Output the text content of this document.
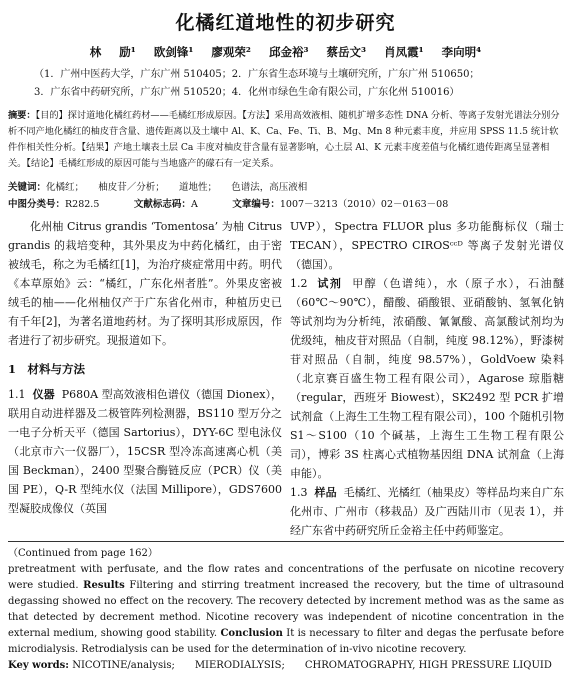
化橘红道地性的初步研究
林 励¹ 欧剑锋¹ 廖观荣² 邱金裕³ 蔡岳文³ 肖凤霞¹ 李向明⁴
（1．广州中医药大学，广东广州 510405；2．广东省生态环境与土壤研究所，广东广州 510650；
3．广东省中药研究所，广东广州 510520；4．化州市绿色生命有限公司，广东化州 510016）
摘要：【目的】探讨道地化橘红药材——毛橘红形成原因。【方法】采用高效液相、随机扩增多态性 DNA 分析、等离子发射光谱法分别分析不同产地化橘红的柚皮苷含量、遗传距离以及土壤中 Al、K、Ca、Fe、Ti、B、Mg、Mn 8 种元素丰度，并应用 SPSS 11.5 统计软件作相关性分析。【结果】产地土壤表土层 Ca 丰度对柚皮苷含量有显著影响，心土层 Al、K 元素丰度差值与化橘红遗传距离呈显著相关。【结论】毛橘红形成的原因可能与当地盛产的礞石有一定关系。
关键词：化橘红；　　柚皮苷／分析；　　道地性；　　色谱法，高压液相
中图分类号：R282.5    	文献标志码：A    	文章编号：1007－3213（2010）02－0163－08

化州柚 Citrus grandis ‘Tomentosa’ 为柚 Citrus grandis 的栽培变种，其外果皮为中药化橘红，由于密被绒毛，称之为毛橘红[1]，为治疗痰症常用中药。明代《本草原始》云：“橘红，广东化州者胜”。外果皮密被绒毛的柚——化州柚仅产于广东省化州市，种植历史已有千年[2]，为著名道地药材。为了探明其形成原因，作者进行了初步研究。现报道如下。

1　材料与方法

1.1 仪器 P680A 型高效液相色谱仪（德国 Dionex），联用自动进样器及二极管阵列检测器，BS110 型万分之一电子分析天平（德国 Sartorius），DYY-6C 型电泳仪（北京市六一仪器厂），15CSR 型冷冻高速离心机（美国 Beckman），2400 型聚合酶链反应（PCR）仪（美国 PE），Q-R 型纯水仪（法国 Millipore），GDS7600 型凝胶成像仪（英国

UVP），Spectra FLUOR plus 多功能酶标仪（瑞士 TECAN），SPECTRO CIROSᶜᶜᴰ 等离子发射光谱仪（德国）。

1.2 试剂 甲醇（色谱纯），水（原子水），石油醚（60℃～90℃），醋酸、硝酸银、亚硝酸钠、氢氧化钠等试剂均为分析纯，浓硝酸、氰氰酸、高氯酸试剂均为优级纯，柚皮苷对照品（自制，纯度 98.12%），野漆树苷对照品（自制，纯度 98.57%），GoldVoew 染料（北京赛百盛生物工程有限公司），Agarose 琼脂糖（regular，西班牙 Biowest），SK2492 型 PCR 扩增试剂盒（上海生工生物工程有限公司），100 个随机引物 S1～S100（10 个碱基，上海生工生物工程有限公司），博彩 3S 柱离心式植物基因组 DNA 试剂盒（上海申能）。

1.3 样品 毛橘红、光橘红（柚果皮）等样品均来自广东化州市、广州市（移栽品）及广西陆川市（见表 1），并经广东省中药研究所丘金裕主任中药师鉴定。

（Continued from page 162）

pretreatment with perfusate, and the flow rates and concentrations of the perfusate on nicotine recovery were studied. Results Filtering and stirring treatment increased the recovery, but the time of ultrasound degassing showed no effect on the recovery. The recovery detected by increment method was as the same as that detected by decrement method. Nicotine recovery was independent of nicotine concentration in the external medium, showing good stability. Conclusion It is necessary to filter and degas the perfusate before microdialysis. Retrodialysis can be used for the determination of in-vivo nicotine recovery.

Key words: NICOTINE/analysis;　　MIERODIALYSIS;　　CHROMATOGRAPHY, HIGH PRESSURE LIQUID
